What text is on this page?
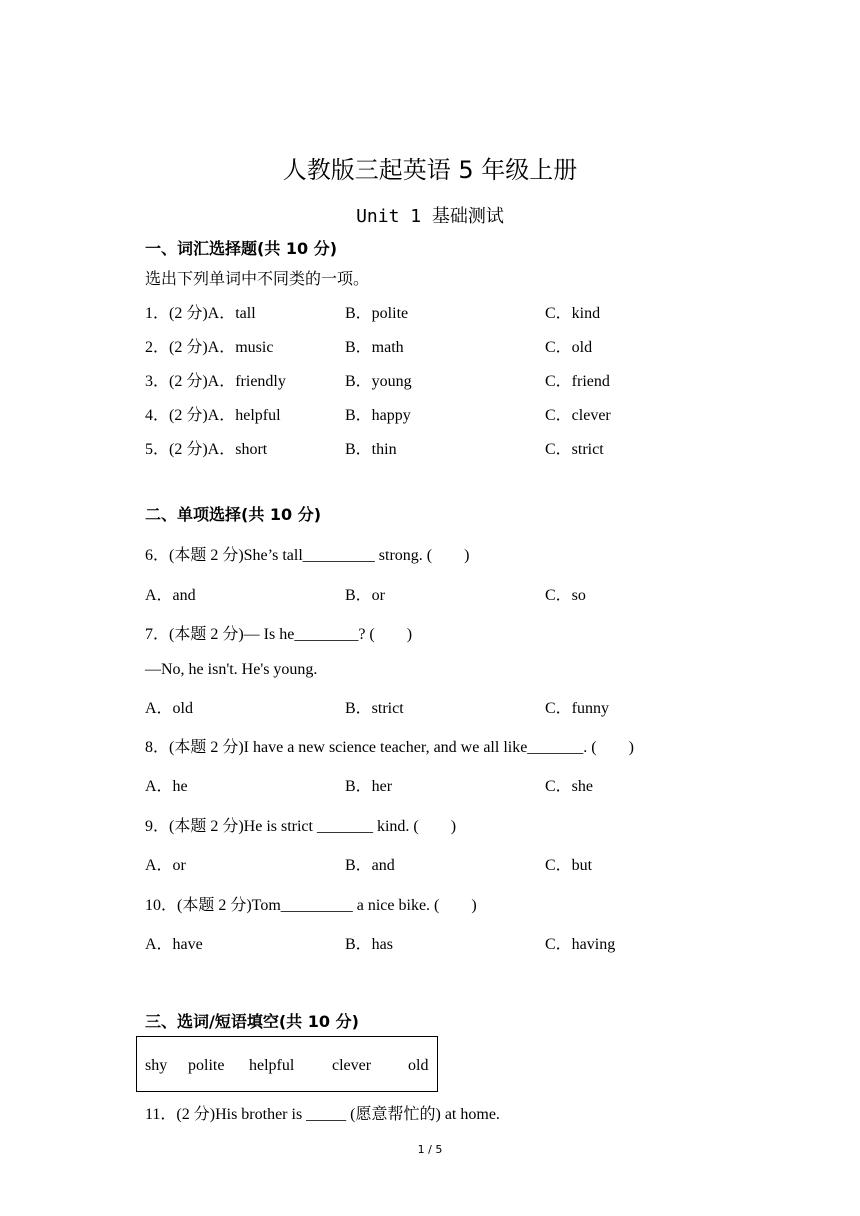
人教版三起英语 5 年级上册
Unit 1 基础测试
一、词汇选择题(共 10 分)
选出下列单词中不同类的一项。
1．(2 分)A．tall	B．polite	C．kind
2．(2 分)A．music	B．math	C．old
3．(2 分)A．friendly	B．young	C．friend
4．(2 分)A．helpful	B．happy	C．clever
5．(2 分)A．short	B．thin	C．strict
二、单项选择(共 10 分)
6．(本题 2 分)She’s tall_________ strong. (　　)
A．and	B．or	C．so
7．(本题 2 分)— Is he________? (　　)
—No, he isn't. He's young.
A．old	B．strict	C．funny
8．(本题 2 分)I have a new science teacher, and we all like_______. (　　)
A．he	B．her	C．she
9．(本题 2 分)He is strict _______ kind. (　　)
A．or	B．and	C．but
10．(本题 2 分)Tom_________ a nice bike. (　　)
A．have	B．has	C．having
三、选词/短语填空(共 10 分)
shy polite helpful clever old
11．(2 分)His brother is _____ (愿意帮忙的) at home.
1 / 5
